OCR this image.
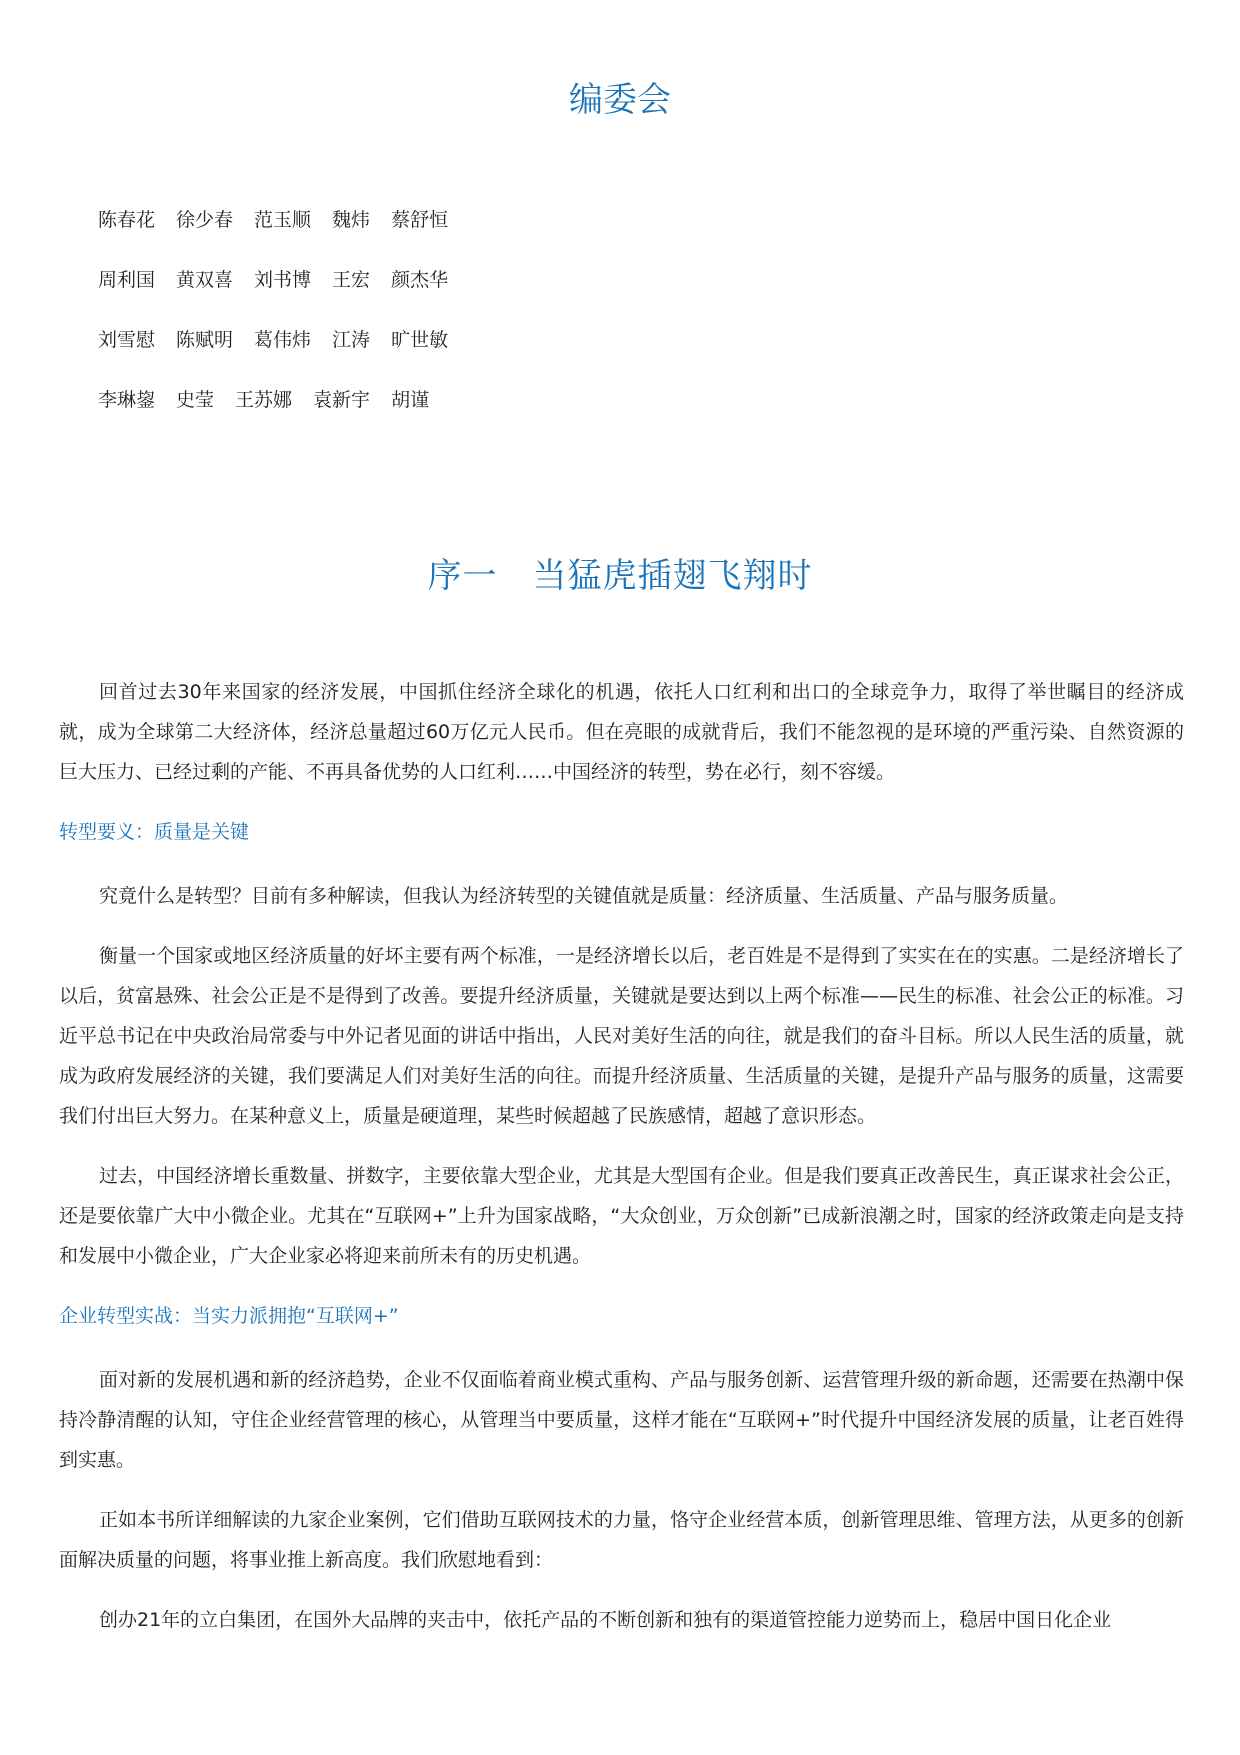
编委会
陈春花 徐少春 范玉顺 魏炜 蔡舒恒
周利国 黄双喜 刘书博 王宏 颜杰华
刘雪慰 陈赋明 葛伟炜 江涛 旷世敏
李琳鋆 史莹 王苏娜 袁新宇 胡谨
序一　当猛虎插翅飞翔时

回首过去30年来国家的经济发展，中国抓住经济全球化的机遇，依托人口红利和出口的全球竞争力，取得了举世瞩目的经济成就，成为全球第二大经济体，经济总量超过60万亿元人民币。但在亮眼的成就背后，我们不能忽视的是环境的严重污染、自然资源的巨大压力、已经过剩的产能、不再具备优势的人口红利……中国经济的转型，势在必行，刻不容缓。

转型要义：质量是关键

究竟什么是转型？目前有多种解读，但我认为经济转型的关键值就是质量：经济质量、生活质量、产品与服务质量。

衡量一个国家或地区经济质量的好坏主要有两个标准，一是经济增长以后，老百姓是不是得到了实实在在的实惠。二是经济增长了以后，贫富悬殊、社会公正是不是得到了改善。要提升经济质量，关键就是要达到以上两个标准——民生的标准、社会公正的标准。习近平总书记在中央政治局常委与中外记者见面的讲话中指出，人民对美好生活的向往，就是我们的奋斗目标。所以人民生活的质量，就成为政府发展经济的关键，我们要满足人们对美好生活的向往。而提升经济质量、生活质量的关键，是提升产品与服务的质量，这需要我们付出巨大努力。在某种意义上，质量是硬道理，某些时候超越了民族感情，超越了意识形态。

过去，中国经济增长重数量、拼数字，主要依靠大型企业，尤其是大型国有企业。但是我们要真正改善民生，真正谋求社会公正，还是要依靠广大中小微企业。尤其在“互联网+”上升为国家战略，“大众创业，万众创新”已成新浪潮之时，国家的经济政策走向是支持和发展中小微企业，广大企业家必将迎来前所未有的历史机遇。

企业转型实战：当实力派拥抱“互联网+”

面对新的发展机遇和新的经济趋势，企业不仅面临着商业模式重构、产品与服务创新、运营管理升级的新命题，还需要在热潮中保持冷静清醒的认知，守住企业经营管理的核心，从管理当中要质量，这样才能在“互联网+”时代提升中国经济发展的质量，让老百姓得到实惠。

正如本书所详细解读的九家企业案例，它们借助互联网技术的力量，恪守企业经营本质，创新管理思维、管理方法，从更多的创新面解决质量的问题，将事业推上新高度。我们欣慰地看到：

创办21年的立白集团，在国外大品牌的夹击中，依托产品的不断创新和独有的渠道管控能力逆势而上，稳居中国日化企业
